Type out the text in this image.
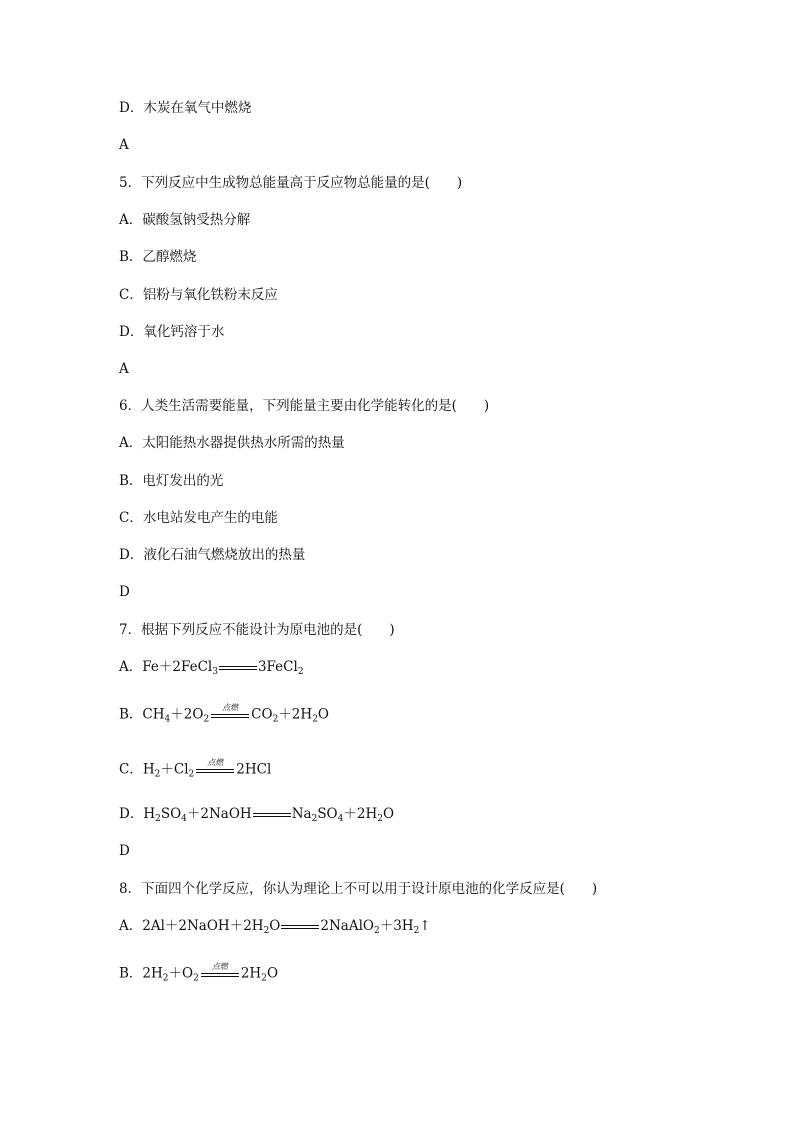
D．木炭在氧气中燃烧
A
5．下列反应中生成物总能量高于反应物总能量的是(　　)
A．碳酸氢钠受热分解
B．乙醇燃烧
C．铝粉与氧化铁粉末反应
D．氧化钙溶于水
A
6．人类生活需要能量，下列能量主要由化学能转化的是(　　)
A．太阳能热水器提供热水所需的热量
B．电灯发出的光
C．水电站发电产生的电能
D．液化石油气燃烧放出的热量
D
7．根据下列反应不能设计为原电池的是(　　)
A．Fe＋2FeCl$_3$	3FeCl$_2$
B．$CH_4+2O_2$
点燃 $CO_2+2H_2O$
C．$H_2+Cl_2$
点燃 2HCl
D．$H_2SO_4+2NaOH$	$Na_2SO_4+2H_2O$
D
8．下面四个化学反应，你认为理论上不可以用于设计原电池的化学反应是(　　)
A．$2Al+2NaOH+2H_2O$	$2NaAlO_2+3H_2↑$
B．$2H_2+O_2$
点燃 $2H_2O$
